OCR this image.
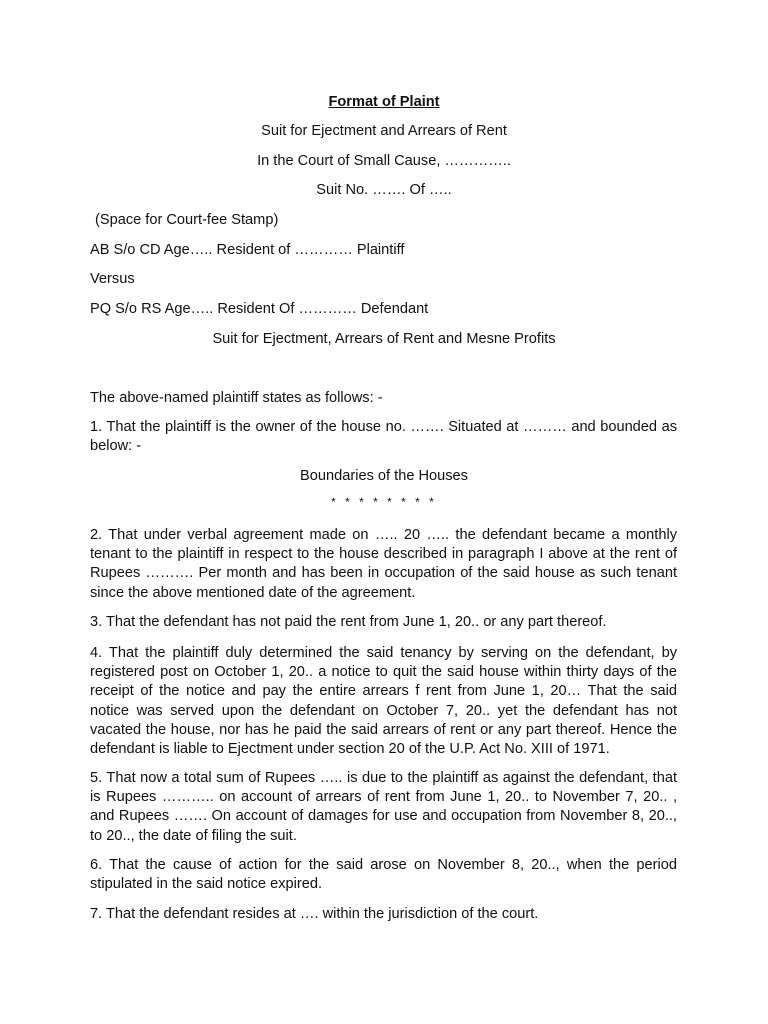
Format of Plaint
Suit for Ejectment and Arrears of Rent
In the Court of Small Cause, …………..
Suit No. ……. Of …..
(Space for Court-fee Stamp)
AB S/o CD Age….. Resident of ………… Plaintiff
Versus
PQ S/o RS Age….. Resident Of ………… Defendant
Suit for Ejectment, Arrears of Rent and Mesne Profits
The above-named plaintiff states as follows: -
1. That the plaintiff is the owner of the house no. ……. Situated at ……… and bounded as below: -
Boundaries of the Houses
* * * * * * * *
2. That under verbal agreement made on ….. 20 ….. the defendant became a monthly tenant to the plaintiff in respect to the house described in paragraph I above at the rent of Rupees ………. Per month and has been in occupation of the said house as such tenant since the above mentioned date of the agreement.
3. That the defendant has not paid the rent from June 1, 20.. or any part thereof.
4. That the plaintiff duly determined the said tenancy by serving on the defendant, by registered post on October 1, 20.. a notice to quit the said house within thirty days of the receipt of the notice and pay the entire arrears f rent from June 1, 20… That the said notice was served upon the defendant on October 7, 20.. yet the defendant has not vacated the house, nor has he paid the said arrears of rent or any part thereof. Hence the defendant is liable to Ejectment under section 20 of the U.P. Act No. XIII of 1971.
5. That now a total sum of Rupees ….. is due to the plaintiff as against the defendant, that is Rupees ……….. on account of arrears of rent from June 1, 20.. to November 7, 20.. , and Rupees ……. On account of damages for use and occupation from November 8, 20.., to 20.., the date of filing the suit.
6. That the cause of action for the said arose on November 8, 20.., when the period stipulated in the said notice expired.
7. That the defendant resides at …. within the jurisdiction of the court.
